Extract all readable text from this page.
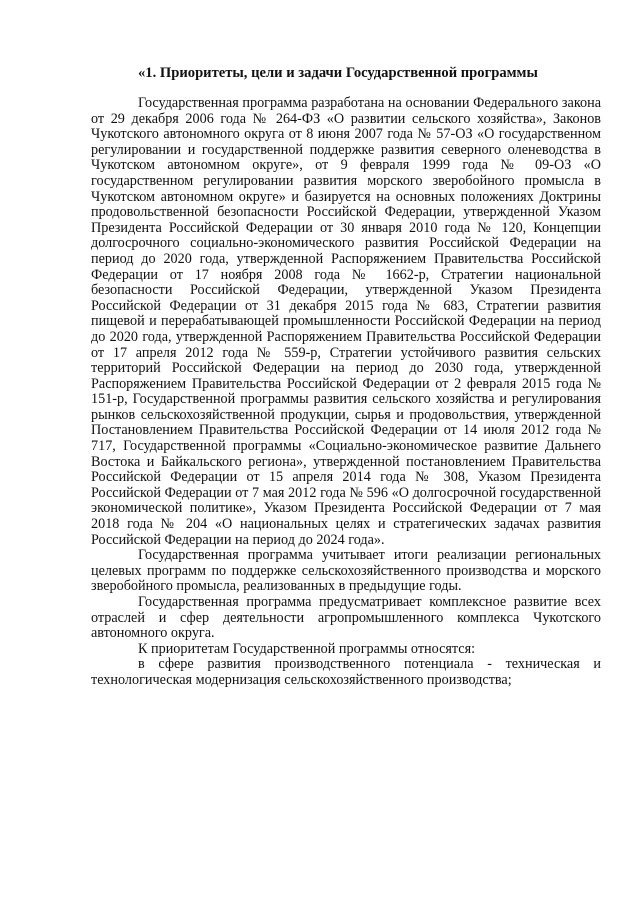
«1. Приоритеты, цели и задачи Государственной программы

Государственная программа разработана на основании Федерального закона от 29 декабря 2006 года № 264-ФЗ «О развитии сельского хозяйства», Законов Чукотского автономного округа от 8 июня 2007 года № 57-ОЗ «О государственном регулировании и государственной поддержке развития северного оленеводства в Чукотском автономном округе», от 9 февраля 1999 года № 09-ОЗ «О государственном регулировании развития морского зверобойного промысла в Чукотском автономном округе» и базируется на основных положениях Доктрины продовольственной безопасности Российской Федерации, утвержденной Указом Президента Российской Федерации от 30 января 2010 года № 120, Концепции долгосрочного социально-экономического развития Российской Федерации на период до 2020 года, утвержденной Распоряжением Правительства Российской Федерации от 17 ноября 2008 года № 1662-р, Стратегии национальной безопасности Российской Федерации, утвержденной Указом Президента Российской Федерации от 31 декабря 2015 года № 683, Стратегии развития пищевой и перерабатывающей промышленности Российской Федерации на период до 2020 года, утвержденной Распоряжением Правительства Российской Федерации от 17 апреля 2012 года № 559-р, Стратегии устойчивого развития сельских территорий Российской Федерации на период до 2030 года, утвержденной Распоряжением Правительства Российской Федерации от 2 февраля 2015 года № 151-р, Государственной программы развития сельского хозяйства и регулирования рынков сельскохозяйственной продукции, сырья и продовольствия, утвержденной Постановлением Правительства Российской Федерации от 14 июля 2012 года № 717, Государственной программы «Социально-экономическое развитие Дальнего Востока и Байкальского региона», утвержденной постановлением Правительства Российской Федерации от 15 апреля 2014 года № 308, Указом Президента Российской Федерации от 7 мая 2012 года № 596 «О долгосрочной государственной экономической политике», Указом Президента Российской Федерации от 7 мая 2018 года № 204 «О национальных целях и стратегических задачах развития Российской Федерации на период до 2024 года».

Государственная программа учитывает итоги реализации региональных целевых программ по поддержке сельскохозяйственного производства и морского зверобойного промысла, реализованных в предыдущие годы.

Государственная программа предусматривает комплексное развитие всех отраслей и сфер деятельности агропромышленного комплекса Чукотского автономного округа.

К приоритетам Государственной программы относятся:

в сфере развития производственного потенциала - техническая и технологическая модернизация сельскохозяйственного производства;
